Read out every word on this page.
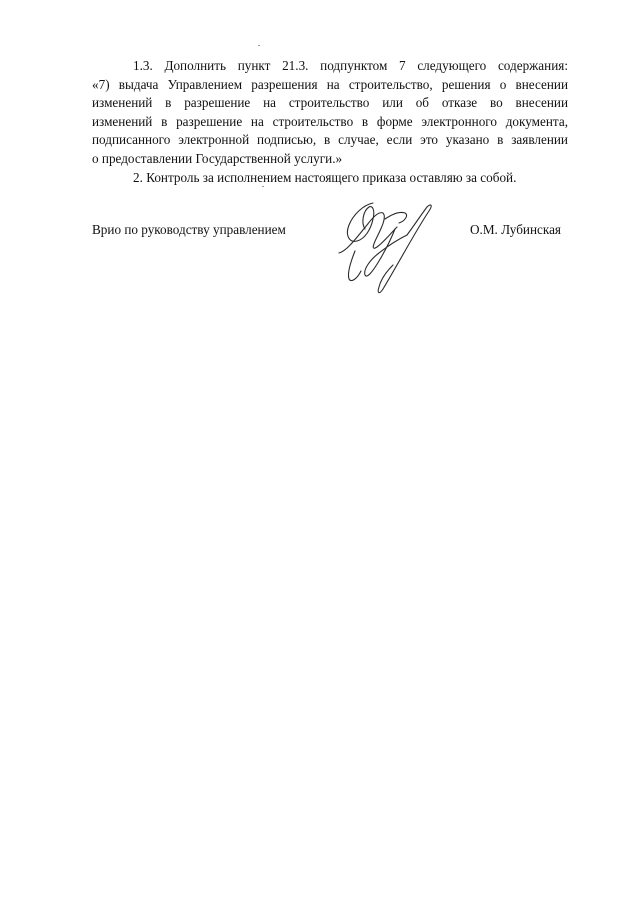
1.3. Дополнить пункт 21.3. подпунктом 7 следующего содержания:
«7) выдача Управлением разрешения на строительство, решения о внесении
изменений в разрешение на строительство или об отказе во внесении
изменений в разрешение на строительство в форме электронного документа,
подписанного электронной подписью, в случае, если это указано в заявлении
о предоставлении Государственной услуги.»
2. Контроль за исполнением настоящего приказа оставляю за собой.
Врио по руководству управлением	О.М. Лубинская
